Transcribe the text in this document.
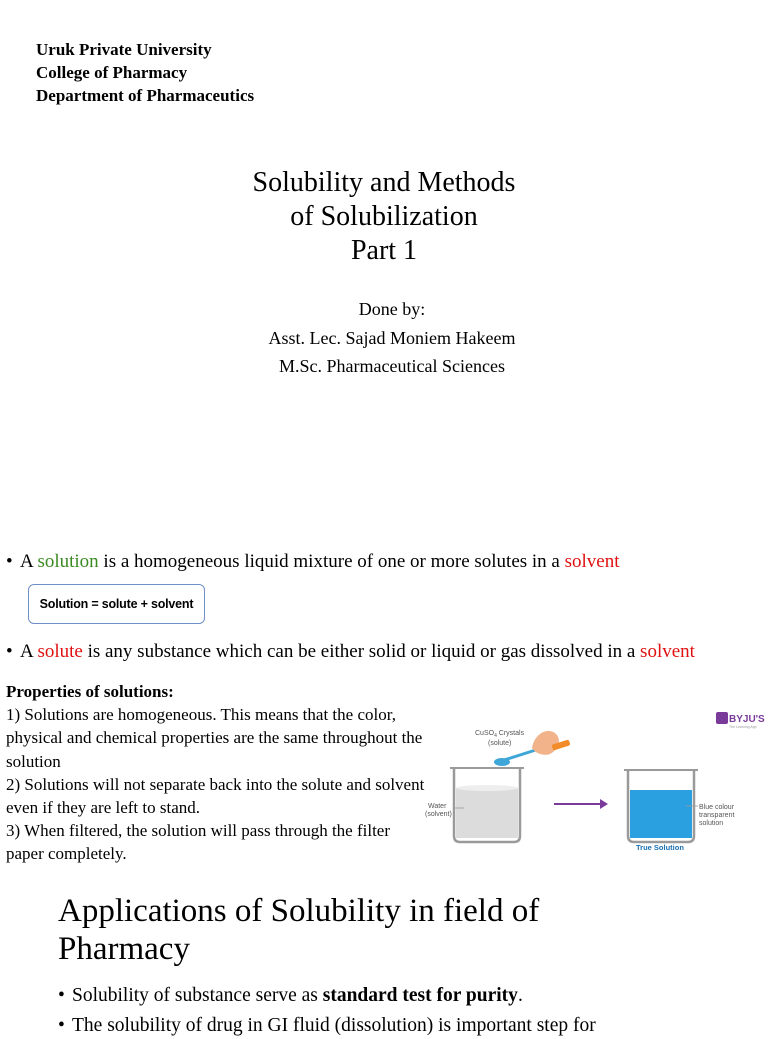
Uruk Private University
College of Pharmacy
Department of Pharmaceutics
Solubility and Methods
of Solubilization
Part 1
Done by:
Asst. Lec. Sajad Moniem Hakeem
M.Sc. Pharmaceutical Sciences
• A solution is a homogeneous liquid mixture of one or more solutes in a solvent
Solution = solute + solvent
• A solute is any substance which can be either solid or liquid or gas dissolved in a solvent
Properties of solutions:
1) Solutions are homogeneous. This means that the color, physical and chemical properties are the same throughout the solution
2) Solutions will not separate back into the solute and solvent even if they are left to stand.
3) When filtered, the solution will pass through the filter paper completely.
BYJU'S
The Learning App
CuSO$_4$ Crystals
(solute)
Water
(solvent)
Blue colour
transparent
solution
True Solution
Applications of Solubility in field of
Pharmacy
• Solubility of substance serve as standard test for purity.
• The solubility of drug in GI fluid (dissolution) is important step for
